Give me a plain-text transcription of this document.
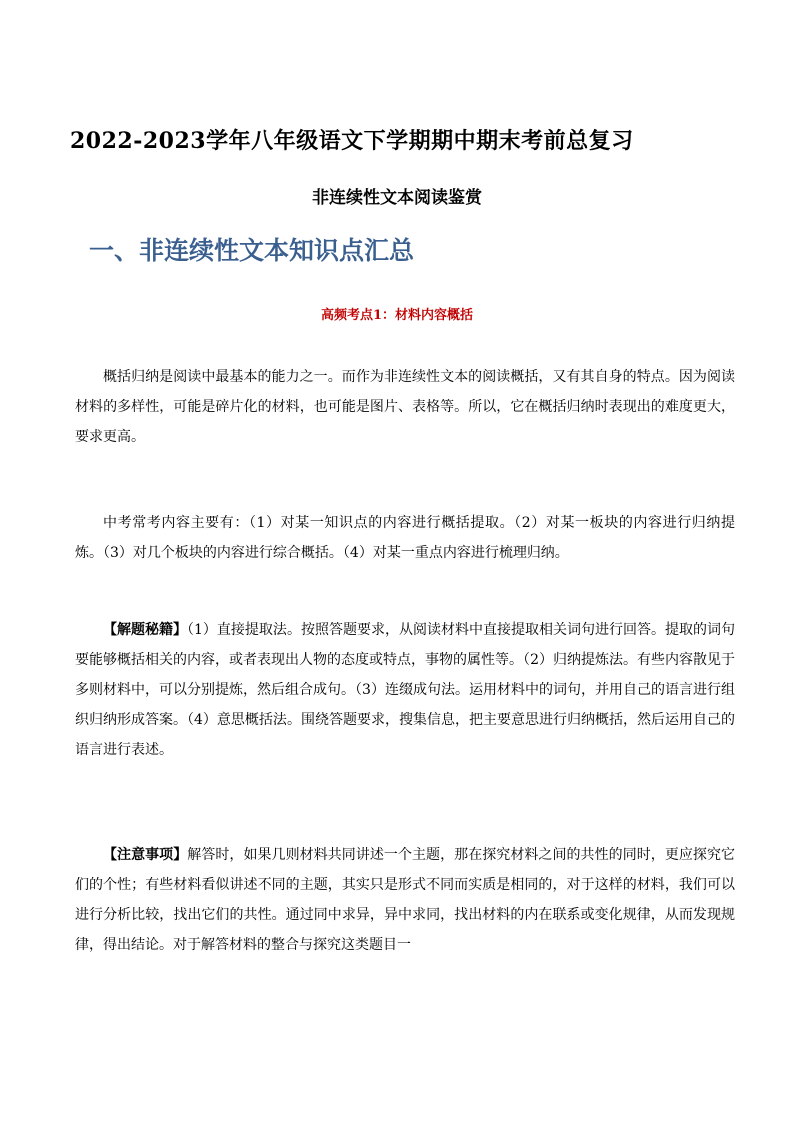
2022-2023学年八年级语文下学期期中期末考前总复习
非连续性文本阅读鉴赏
一、非连续性文本知识点汇总
高频考点1：材料内容概括

概括归纳是阅读中最基本的能力之一。而作为非连续性文本的阅读概括，又有其自身的特点。因为阅读材料的多样性，可能是碎片化的材料，也可能是图片、表格等。所以，它在概括归纳时表现出的难度更大，要求更高。

中考常考内容主要有：（1）对某一知识点的内容进行概括提取。（2）对某一板块的内容进行归纳提炼。（3）对几个板块的内容进行综合概括。（4）对某一重点内容进行梳理归纳。

【解题秘籍】（1）直接提取法。按照答题要求，从阅读材料中直接提取相关词句进行回答。提取的词句要能够概括相关的内容，或者表现出人物的态度或特点，事物的属性等。（2）归纳提炼法。有些内容散见于多则材料中，可以分别提炼，然后组合成句。（3）连缀成句法。运用材料中的词句，并用自己的语言进行组织归纳形成答案。（4）意思概括法。围绕答题要求，搜集信息，把主要意思进行归纳概括，然后运用自己的语言进行表述。

【注意事项】解答时，如果几则材料共同讲述一个主题，那在探究材料之间的共性的同时，更应探究它们的个性；有些材料看似讲述不同的主题，其实只是形式不同而实质是相同的，对于这样的材料，我们可以进行分析比较，找出它们的共性。通过同中求异，异中求同，找出材料的内在联系或变化规律，从而发现规律，得出结论。对于解答材料的整合与探究这类题目一
